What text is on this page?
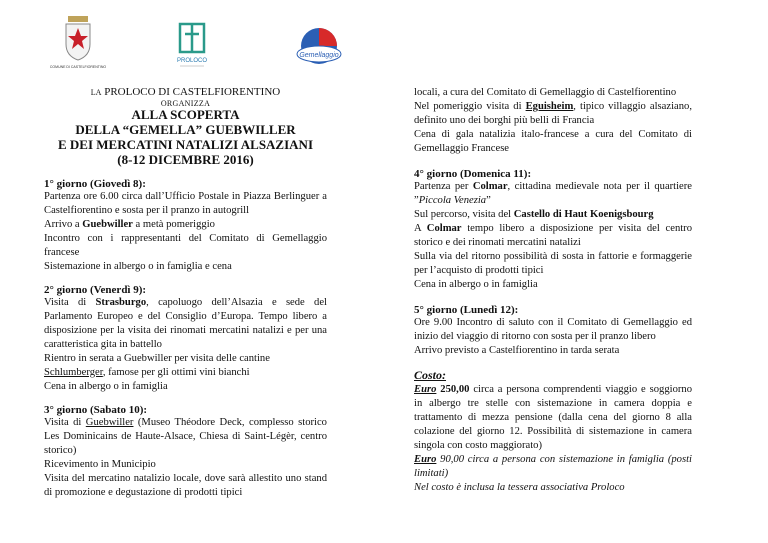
COMUNE DI CASTELFIORENTINO
PROLOCO
Gemellaggio
LA PROLOCO DI CASTELFIORENTINO
ORGANIZZA
ALLA SCOPERTA
DELLA “GEMELLA” GUEBWILLER
E DEI MERCATINI NATALIZI ALSAZIANI
(8-12 DICEMBRE 2016)
1° giorno (Giovedì 8):

Partenza ore 6.00 circa dall’Ufficio Postale in Piazza Berlinguer a Castelfiorentino e sosta per il pranzo in autogrill

Arrivo a Guebwiller a metà pomeriggio

Incontro con i rappresentanti del Comitato di Gemellaggio francese

Sistemazione in albergo o in famiglia e cena

2° giorno (Venerdì 9):

Visita di Strasburgo, capoluogo dell’Alsazia e sede del Parlamento Europeo e del Consiglio d’Europa. Tempo libero a disposizione per la visita dei rinomati mercatini natalizi e per una caratteristica gita in battello

Rientro in serata a Guebwiller per visita delle cantine
Schlumberger, famose per gli ottimi vini bianchi

Cena in albergo o in famiglia

3° giorno (Sabato 10):

Visita di Guebwiller (Museo Théodore Deck, complesso storico Les Dominicains de Haute-Alsace, Chiesa di Saint-Légèr, centro storico)

Ricevimento in Municipio

Visita del mercatino natalizio locale, dove sarà allestito uno stand di promozione e degustazione di prodotti tipici

locali, a cura del Comitato di Gemellaggio di Castelfiorentino

Nel pomeriggio visita di Eguisheim, tipico villaggio alsaziano, definito uno dei borghi più belli di Francia

Cena di gala natalizia italo-francese a cura del Comitato di Gemellaggio Francese

4° giorno (Domenica 11):

Partenza per Colmar, cittadina medievale nota per il quartiere ”Piccola Venezia”

Sul percorso, visita del Castello di Haut Koenigsbourg

A Colmar tempo libero a disposizione per visita del centro storico e dei rinomati mercatini natalizi

Sulla via del ritorno possibilità di sosta in fattorie e formaggerie per l’acquisto di prodotti tipici

Cena in albergo o in famiglia

5° giorno (Lunedì 12):

Ore 9.00 Incontro di saluto con il Comitato di Gemellaggio ed inizio del viaggio di ritorno con sosta per il pranzo libero

Arrivo previsto a Castelfiorentino in tarda serata

Costo:

Euro 250,00 circa a persona comprendenti viaggio e soggiorno in albergo tre stelle con sistemazione in camera doppia e trattamento di mezza pensione (dalla cena del giorno 8 alla colazione del giorno 12. Possibilità di sistemazione in camera singola con costo maggiorato)

Euro 90,00 circa a persona con sistemazione in famiglia (posti limitati)

Nel costo è inclusa la tessera associativa Proloco
